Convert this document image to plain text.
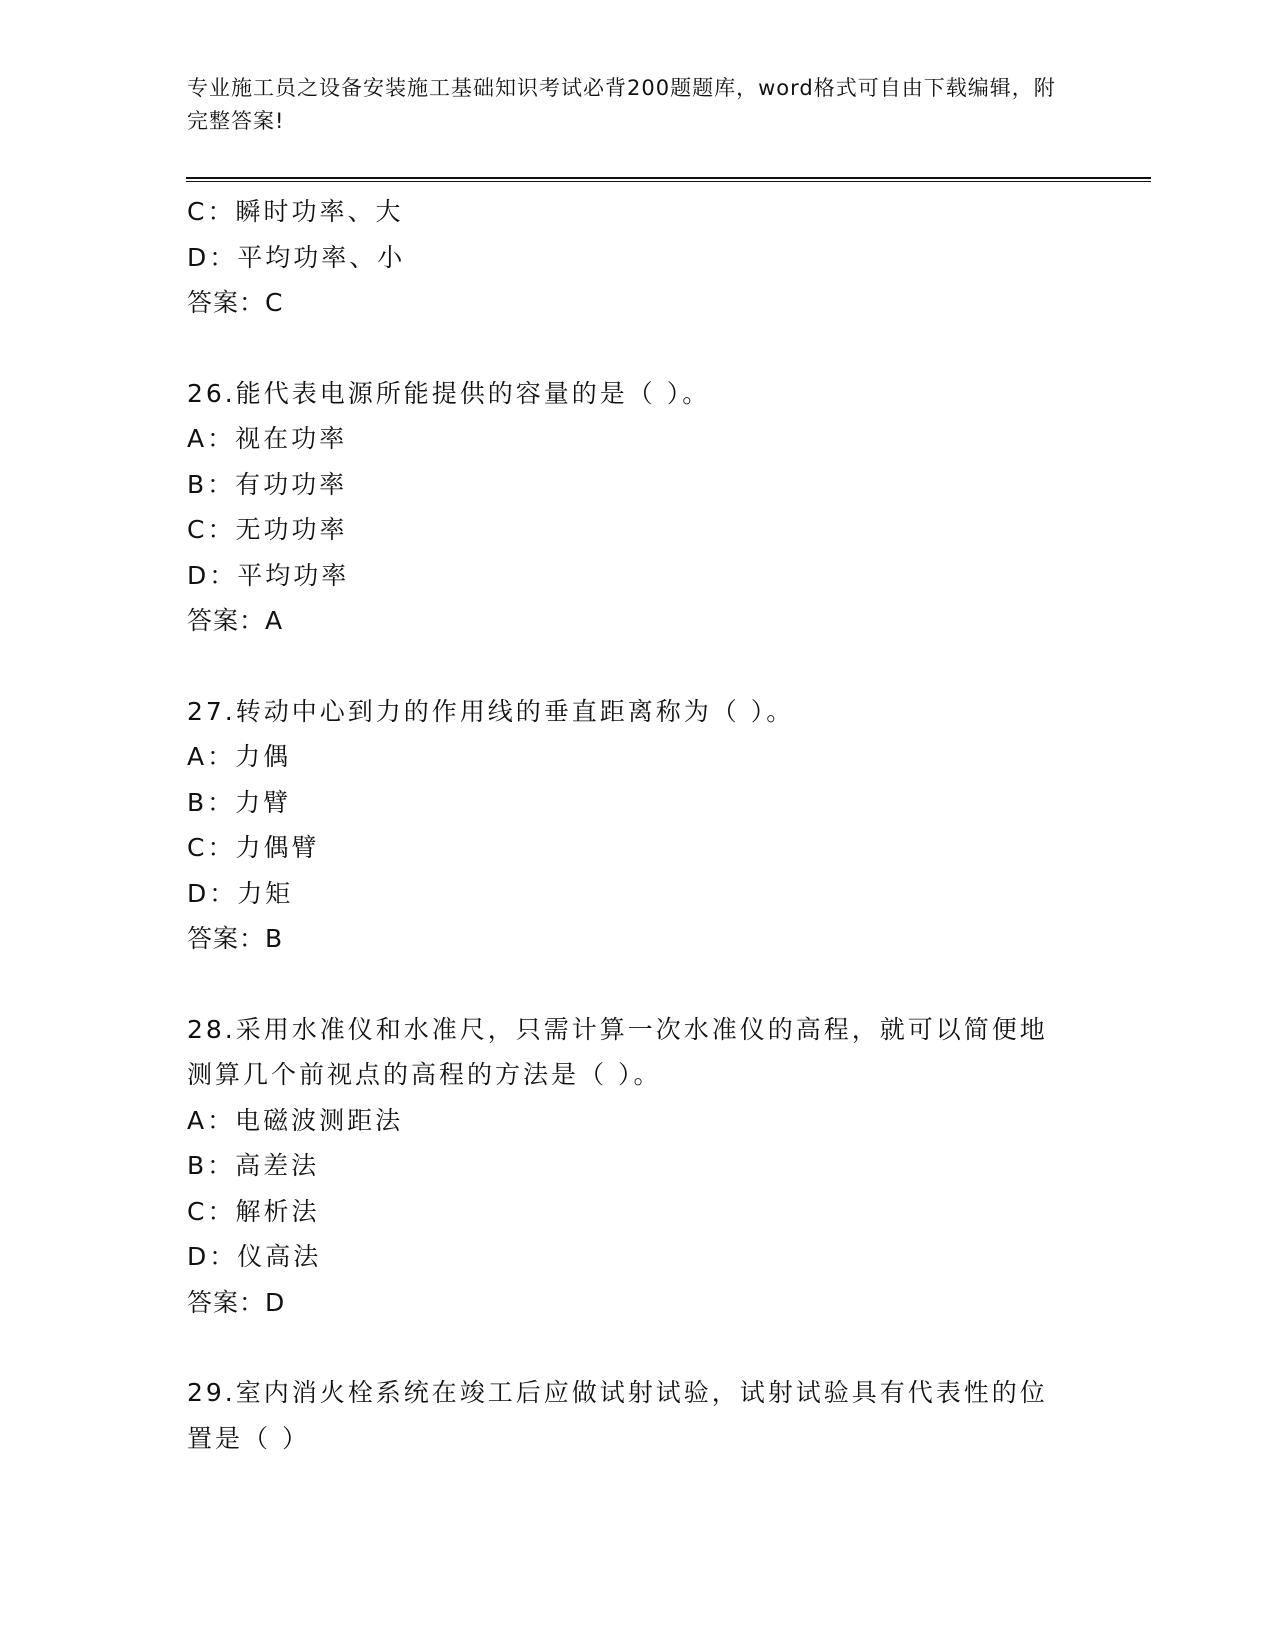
专业施工员之设备安装施工基础知识考试必背200题题库，word格式可自由下载编辑，附完整答案!
C：瞬时功率、大
D：平均功率、小
答案：C
26.能代表电源所能提供的容量的是（ ）。
A：视在功率
B：有功功率
C：无功功率
D：平均功率
答案：A
27.转动中心到力的作用线的垂直距离称为（ ）。
A：力偶
B：力臂
C：力偶臂
D：力矩
答案：B
28.采用水准仪和水准尺，只需计算一次水准仪的高程，就可以简便地测算几个前视点的高程的方法是（ ）。
A：电磁波测距法
B：高差法
C：解析法
D：仪高法
答案：D
29.室内消火栓系统在竣工后应做试射试验，试射试验具有代表性的位置是（ ）
